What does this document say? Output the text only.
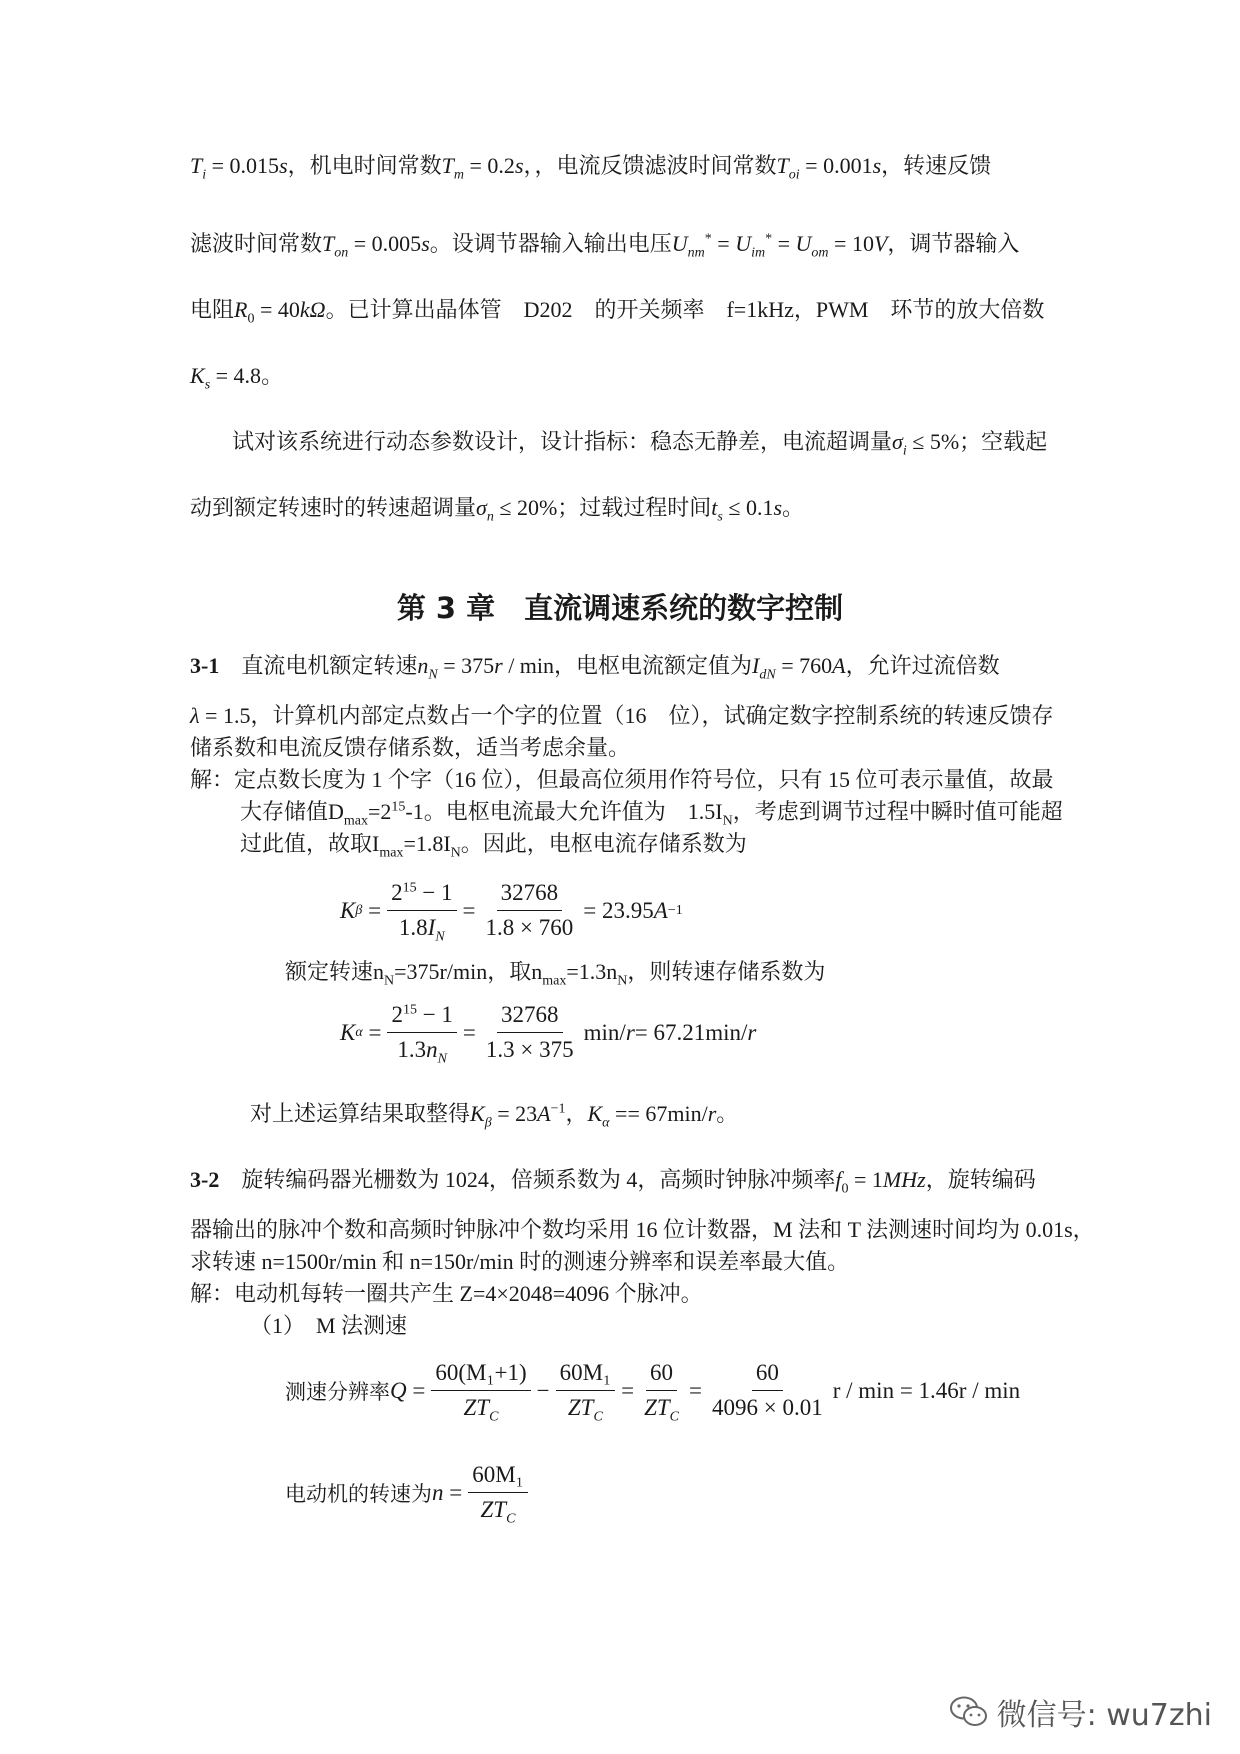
$T_i = 0.015s$，机电时间常数$T_m = 0.2s$，，电流反馈滤波时间常数$T_{oi} = 0.001s$，转速反馈
滤波时间常数$T_{on} = 0.005s$。设调节器输入输出电压$U_{nm}^* = U_{im}^* = U_{om} = 10V$，调节器输入
电阻$R_0 = 40k\Omega$。已计算出晶体管　D202　的开关频率　f=1kHz，PWM　环节的放大倍数
$K_s = 4.8$。
试对该系统进行动态参数设计，设计指标：稳态无静差，电流超调量$\sigma_i \le 5\%$；空载起
动到额定转速时的转速超调量$\sigma_n \le 20\%$；过载过程时间$t_s \le 0.1s$。
第 3 章　直流调速系统的数字控制
3-1　 直流电机额定转速$n_N = 375r / \min$，电枢电流额定值为$I_{dN} = 760A$，允许过流倍数
λ = 1.5，计算机内部定点数占一个字的位置（16　位），试确定数字控制系统的转速反馈存
储系数和电流反馈存储系数，适当考虑余量。
解：定点数长度为 1 个字（16 位），但最高位须用作符号位，只有 15 位可表示量值，故最
大存储值$D_{max}=2^{15}-1$。电枢电流最大允许值为　$1.5I_N$，考虑到调节过程中瞬时值可能超
过此值，故取$I_{max}=1.8I_N$。因此，电枢电流存储系数为
K $\beta = \frac{2^{15} - 1}{1.8I_N} = \frac{32768}{1.8 \times 760} = 23.95$ A −1
额定转速$n_N=375r/\min$，取$n_{max}=1.3n_N$，则转速存储系数为
K $\alpha = \frac{2^{15} - 1}{1.3n_N} = \frac{32768}{1.3 \times 375} \min/$ r = 67.21min/ r
对上述运算结果取整得$K_\beta = 23A^{-1}$，$K_\alpha == 67\min/r$。
3-2　 旋转编码器光栅数为 1024，倍频系数为 4，高频时钟脉冲频率$f_0 = 1MHz$，旋转编码
器输出的脉冲个数和高频时钟脉冲个数均采用 16 位计数器，M 法和 T 法测速时间均为 0.01s，
求转速 n=1500r/min 和 n=150r/min 时的测速分辨率和误差率最大值。
解：电动机每转一圈共产生 Z=4×2048=4096 个脉冲。
（1）　M 法测速
测速分辨率 $Q = \frac{\text{60(M₁+1)}}{ZT_C} - \frac{\text{60M₁}}{ZT_C} = \frac{60}{ZT_C} = \frac{60}{4096 \times 0.01}$ r / min = 1.46r / min
电动机的转速为 $n = \frac{\text{60M₁}}{ZT_C}$
微信号: wu7zhi
